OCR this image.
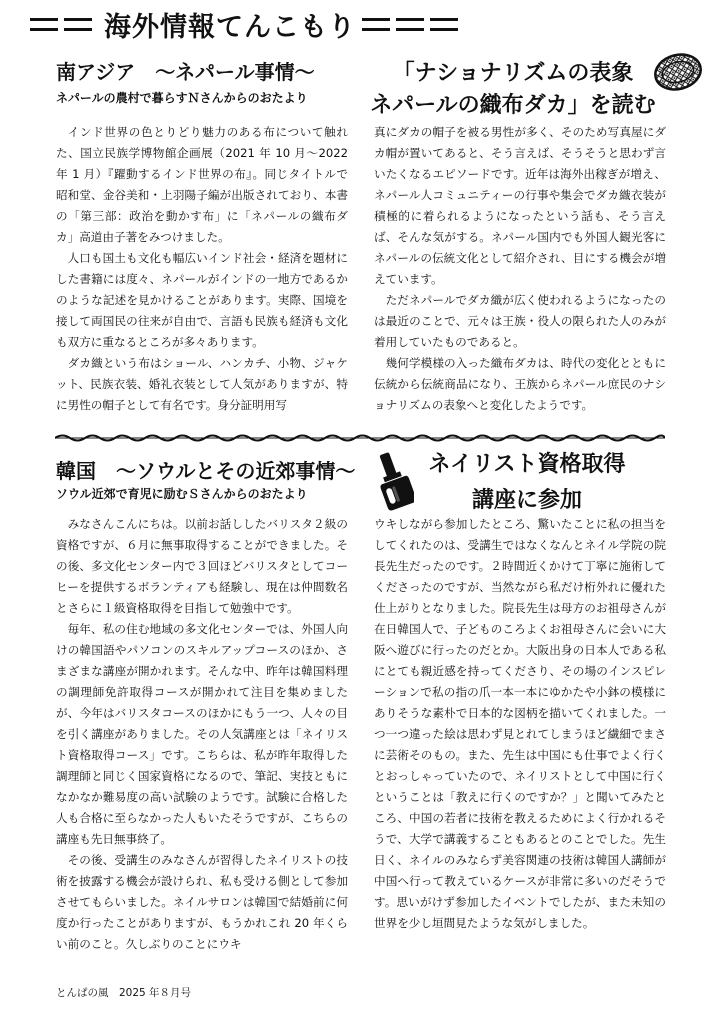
海外情報てんこもり
南アジア　～ネパール事情～
ネパールの農村で暮らすＮさんからのおたより
「ナショナリズムの表象
ネパールの織布ダカ」を読む

インド世界の色とりどり魅力のある布について触れた、国立民族学博物館企画展（2021 年 10 月～2022 年 1 月）『躍動するインド世界の布』。同じタイトルで昭和堂、金谷美和・上羽陽子編が出版されており、本書の「第三部：政治を動かす布」に「ネパールの織布ダカ」高道由子著をみつけました。

人口も国土も文化も幅広いインド社会・経済を題材にした書籍には度々、ネパールがインドの一地方であるかのような記述を見かけることがあります。実際、国境を接して両国民の往来が自由で、言語も民族も経済も文化も双方に重なるところが多々あります。

ダカ織という布はショール、ハンカチ、小物、ジャケット、民族衣装、婚礼衣装として人気がありますが、特に男性の帽子として有名です。身分証明用写

真にダカの帽子を被る男性が多く、そのため写真屋にダカ帽が置いてあると、そう言えば、そうそうと思わず言いたくなるエピソードです。近年は海外出稼ぎが増え、ネパール人コミュニティーの行事や集会でダカ織衣装が積極的に着られるようになったという話も、そう言えば、そんな気がする。ネパール国内でも外国人観光客にネパールの伝統文化として紹介され、目にする機会が増えています。

ただネパールでダカ織が広く使われるようになったのは最近のことで、元々は王族・役人の限られた人のみが着用していたものであると。

幾何学模様の入った織布ダカは、時代の変化とともに伝統から伝統商品になり、王族からネパール庶民のナショナリズムの表象へと変化したようです。

韓国　～ソウルとその近郊事情～
ソウル近郊で育児に励むＳさんからのおたより
ネイリスト資格取得
講座に参加

みなさんこんにちは。以前お話ししたバリスタ２級の資格ですが、６月に無事取得することができました。その後、多文化センター内で３回ほどバリスタとしてコーヒーを提供するボランティアも経験し、現在は仲間数名とさらに１級資格取得を目指して勉強中です。

毎年、私の住む地域の多文化センターでは、外国人向けの韓国語やパソコンのスキルアップコースのほか、さまざまな講座が開かれます。そんな中、昨年は韓国料理の調理師免許取得コースが開かれて注目を集めましたが、今年はバリスタコースのほかにもう一つ、人々の目を引く講座がありました。その人気講座とは「ネイリスト資格取得コース」です。こちらは、私が昨年取得した調理師と同じく国家資格になるので、筆記、実技ともになかなか難易度の高い試験のようです。試験に合格した人も合格に至らなかった人もいたそうですが、こちらの講座も先日無事終了。

その後、受講生のみなさんが習得したネイリストの技術を披露する機会が設けられ、私も受ける側として参加させてもらいました。ネイルサロンは韓国で結婚前に何度か行ったことがありますが、もうかれこれ 20 年くらい前のこと。久しぶりのことにウキ

ウキしながら参加したところ、驚いたことに私の担当をしてくれたのは、受講生ではなくなんとネイル学院の院長先生だったのです。２時間近くかけて丁寧に施術してくださったのですが、当然ながら私だけ桁外れに優れた仕上がりとなりました。院長先生は母方のお祖母さんが在日韓国人で、子どものころよくお祖母さんに会いに大阪へ遊びに行ったのだとか。大阪出身の日本人である私にとても親近感を持ってくださり、その場のインスピレーションで私の指の爪一本一本にゆかたや小鉢の模様にありそうな素朴で日本的な図柄を描いてくれました。一つ一つ違った絵は思わず見とれてしまうほど繊細でまさに芸術そのもの。また、先生は中国にも仕事でよく行くとおっしゃっていたので、ネイリストとして中国に行くということは「教えに行くのですか？」と聞いてみたところ、中国の若者に技術を教えるためによく行かれるそうで、大学で講義することもあるとのことでした。先生日く、ネイルのみならず美容関連の技術は韓国人講師が中国へ行って教えているケースが非常に多いのだそうです。思いがけず参加したイベントでしたが、また未知の世界を少し垣間見たような気がしました。

とんぱの風　2025 年８月号
